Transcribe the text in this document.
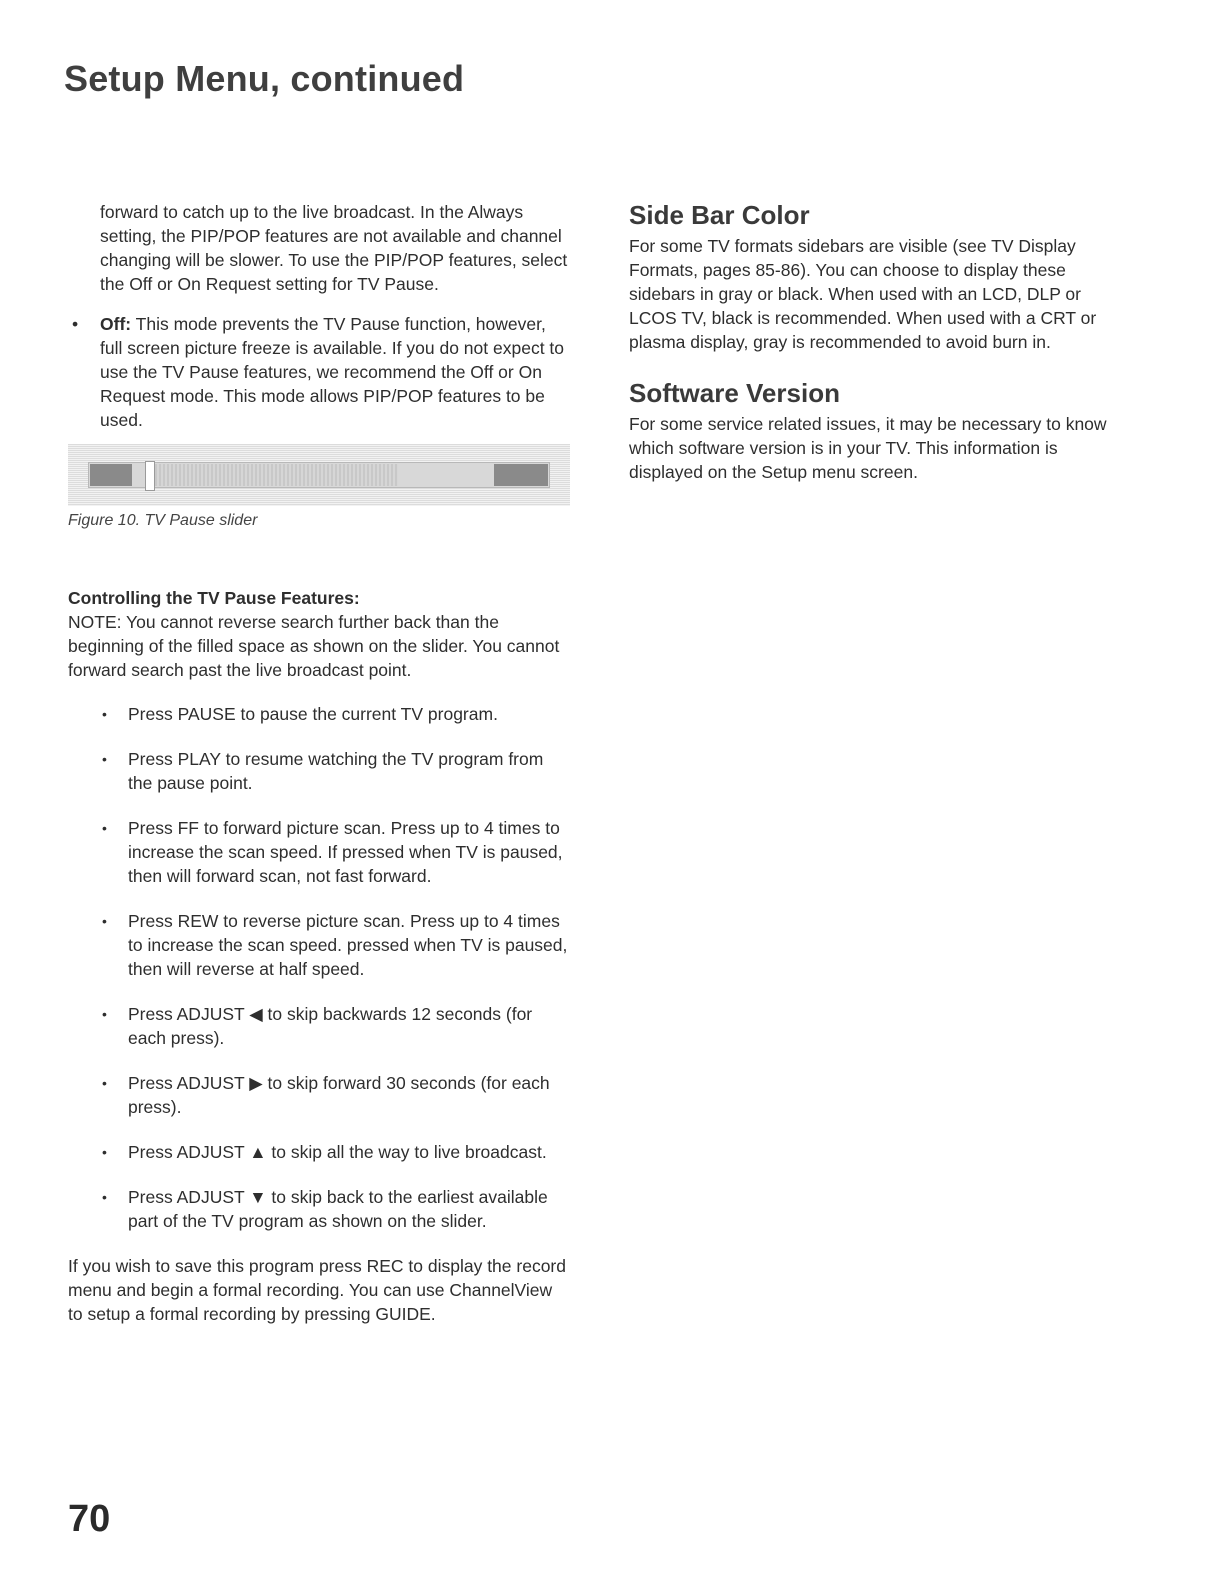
Setup Menu, continued

forward to catch up to the live broadcast. In the Always setting, the PIP/POP features are not available and channel changing will be slower. To use the PIP/POP features, select the Off or On Request setting for TV Pause.

• Off: This mode prevents the TV Pause function, however, full screen picture freeze is available. If you do not expect to use the TV Pause features, we recommend the Off or On Request mode. This mode allows PIP/POP features to be used.

Figure 10. TV Pause slider

Controlling the TV Pause Features:

NOTE: You cannot reverse search further back than the beginning of the filled space as shown on the slider. You cannot forward search past the live broadcast point.

• Press PAUSE to pause the current TV program.
• Press PLAY to resume watching the TV program from the pause point.
• Press FF to forward picture scan. Press up to 4 times to increase the scan speed. If pressed when TV is paused, then will forward scan, not fast forward.
• Press REW to reverse picture scan. Press up to 4 times to increase the scan speed. pressed when TV is paused, then will reverse at half speed.
• Press ADJUST ◀ to skip backwards 12 seconds (for each press).
• Press ADJUST ▶ to skip forward 30 seconds (for each press).
• Press ADJUST ▲ to skip all the way to live broadcast.
• Press ADJUST ▼ to skip back to the earliest available part of the TV program as shown on the slider.

If you wish to save this program press REC to display the record menu and begin a formal recording. You can use ChannelView to setup a formal recording by pressing GUIDE.

Side Bar Color

For some TV formats sidebars are visible (see TV Display Formats, pages 85-86). You can choose to display these sidebars in gray or black. When used with an LCD, DLP or LCOS TV, black is recommended. When used with a CRT or plasma display, gray is recommended to avoid burn in.

Software Version

For some service related issues, it may be necessary to know which software version is in your TV. This information is displayed on the Setup menu screen.

70
